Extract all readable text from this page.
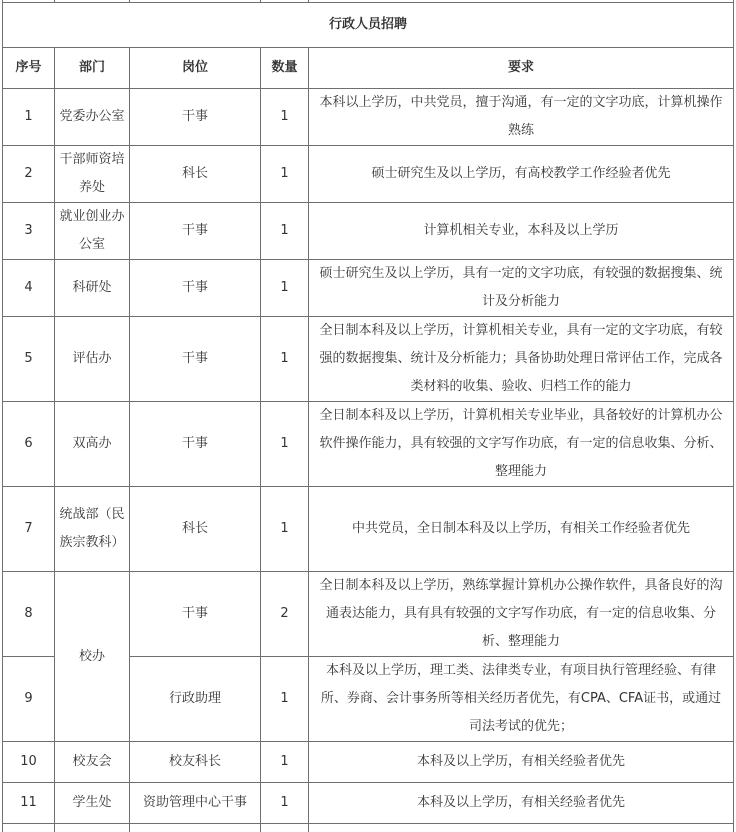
行政人员招聘				
序号	部门	岗位	数量	要求
1	党委办公室	干事	1	本科以上学历，中共党员，擅于沟通，有一定的文字功底，计算机操作熟练
2	干部师资培养处	科长	1	硕士研究生及以上学历，有高校教学工作经验者优先
3	就业创业办公室	干事	1	计算机相关专业，本科及以上学历
4	科研处	干事	1	硕士研究生及以上学历，具有一定的文字功底，有较强的数据搜集、统计及分析能力
5	评估办	干事	1	全日制本科及以上学历，计算机相关专业，具有一定的文字功底，有较强的数据搜集、统计及分析能力；具备协助处理日常评估工作，完成各类材料的收集、验收、归档工作的能力
6	双高办	干事	1	全日制本科及以上学历，计算机相关专业毕业，具备较好的计算机办公软件操作能力，具有较强的文字写作功底，有一定的信息收集、分析、整理能力
7	统战部（民族宗教科）	科长	1	中共党员，全日制本科及以上学历，有相关工作经验者优先
8	校办	干事	2	全日制本科及以上学历，熟练掌握计算机办公操作软件，具备良好的沟通表达能力，具有具有较强的文字写作功底，有一定的信息收集、分析、整理能力
9		行政助理	1	本科及以上学历，理工类、法律类专业，有项目执行管理经验、有律所、券商、会计事务所等相关经历者优先，有CPA、CFA证书，或通过司法考试的优先；
10	校友会	校友科长	1	本科及以上学历，有相关经验者优先
11	学生处	资助管理中心干事	1	本科及以上学历，有相关经验者优先
